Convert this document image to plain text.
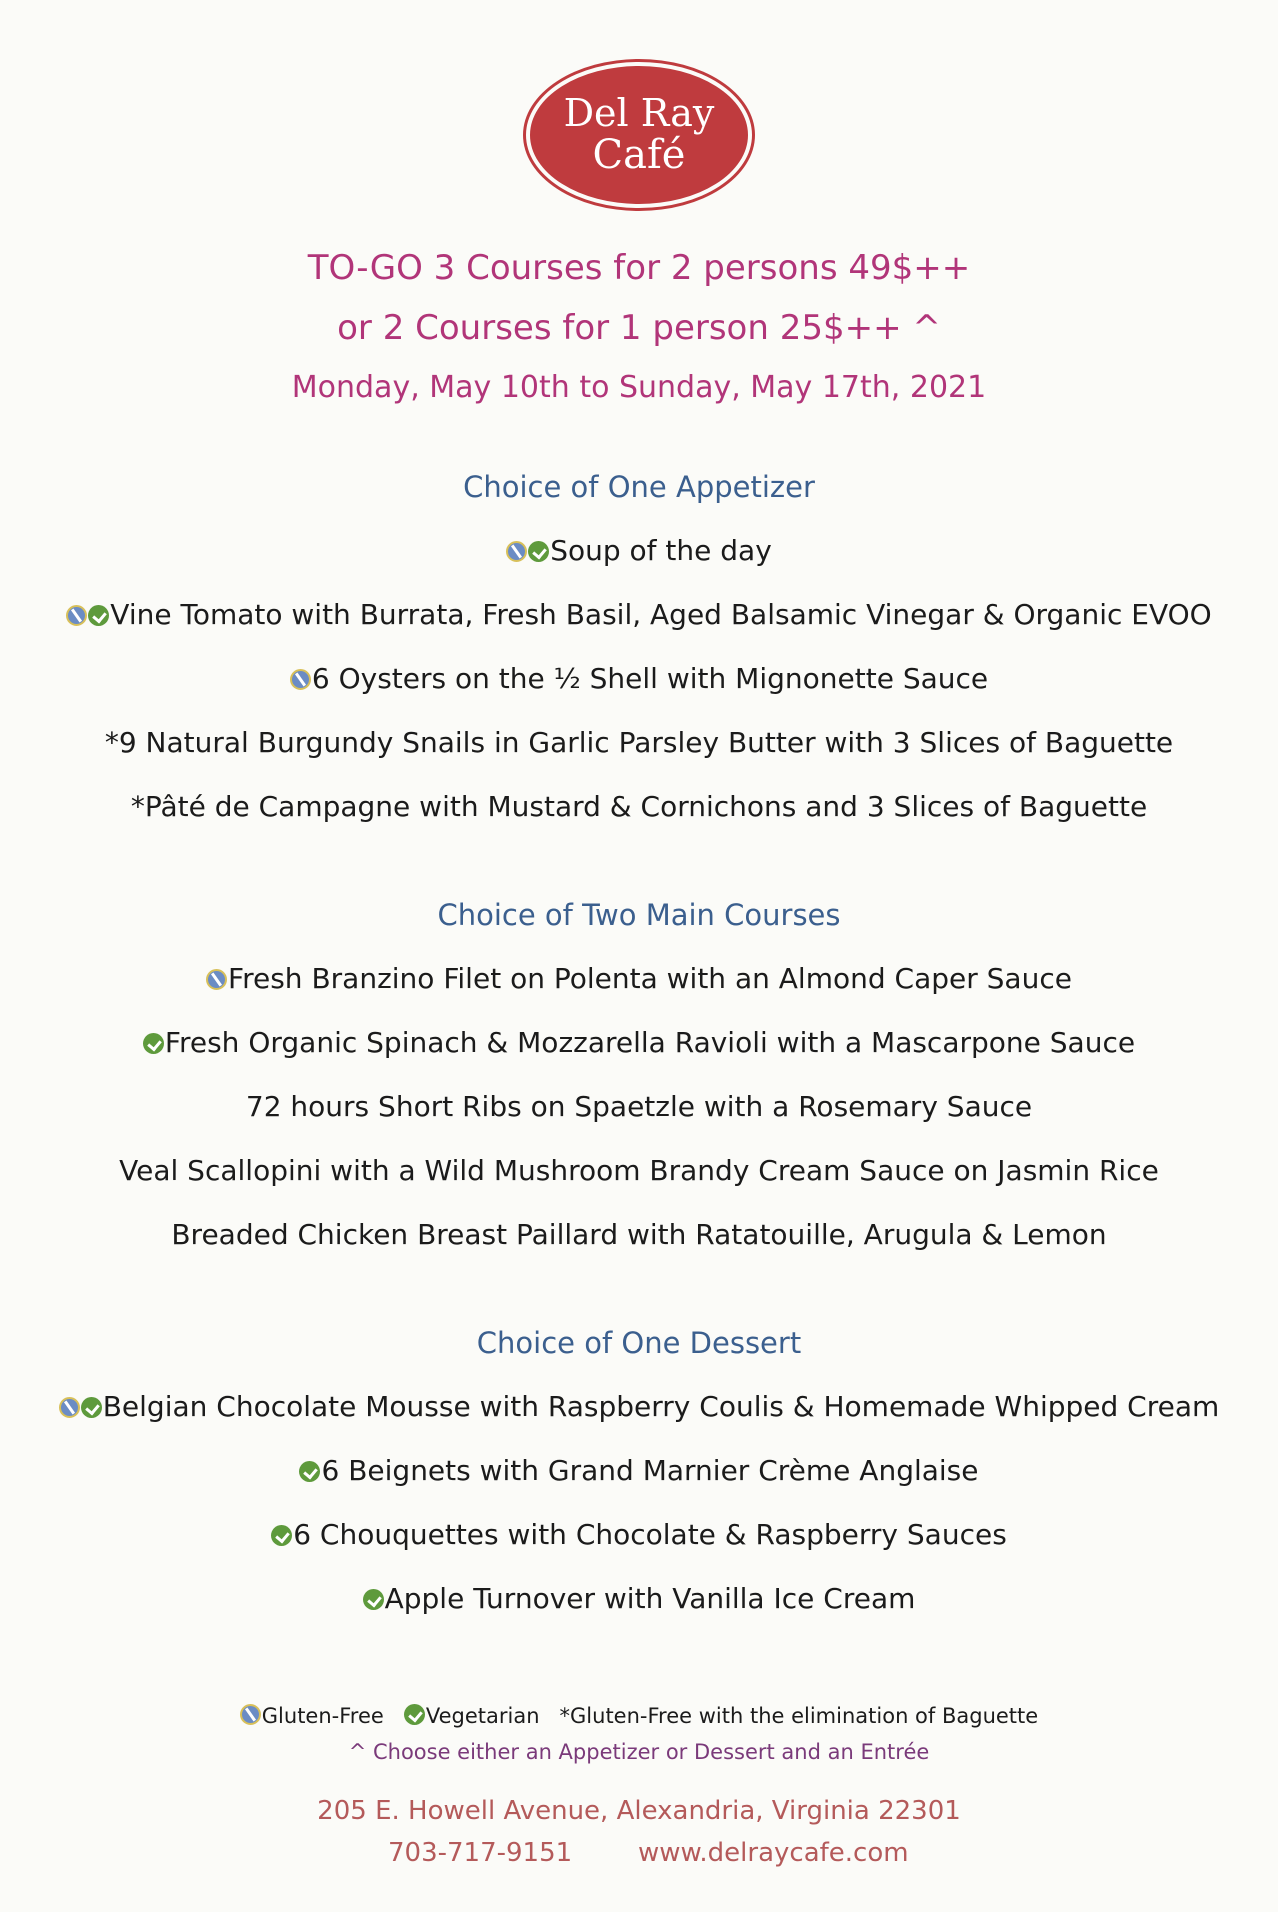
Del Ray
Café
TO-GO 3 Courses for 2 persons 49$++
or 2 Courses for 1 person 25$++ ^
Monday, May 10th to Sunday, May 17th, 2021
Choice of One Appetizer
Soup of the day
Vine Tomato with Burrata, Fresh Basil, Aged Balsamic Vinegar & Organic EVOO
6 Oysters on the ½ Shell with Mignonette Sauce
*9 Natural Burgundy Snails in Garlic Parsley Butter with 3 Slices of Baguette
*Pâté de Campagne with Mustard & Cornichons and 3 Slices of Baguette
Choice of Two Main Courses
Fresh Branzino Filet on Polenta with an Almond Caper Sauce
Fresh Organic Spinach & Mozzarella Ravioli with a Mascarpone Sauce
72 hours Short Ribs on Spaetzle with a Rosemary Sauce
Veal Scallopini with a Wild Mushroom Brandy Cream Sauce on Jasmin Rice
Breaded Chicken Breast Paillard with Ratatouille, Arugula & Lemon
Choice of One Dessert
Belgian Chocolate Mousse with Raspberry Coulis & Homemade Whipped Cream
6 Beignets with Grand Marnier Crème Anglaise
6 Chouquettes with Chocolate & Raspberry Sauces
Apple Turnover with Vanilla Ice Cream
Gluten-Free Vegetarian *Gluten-Free with the elimination of Baguette
^ Choose either an Appetizer or Dessert and an Entrée
205 E. Howell Avenue, Alexandria, Virginia 22301
703-717-9151	www.delraycafe.com
